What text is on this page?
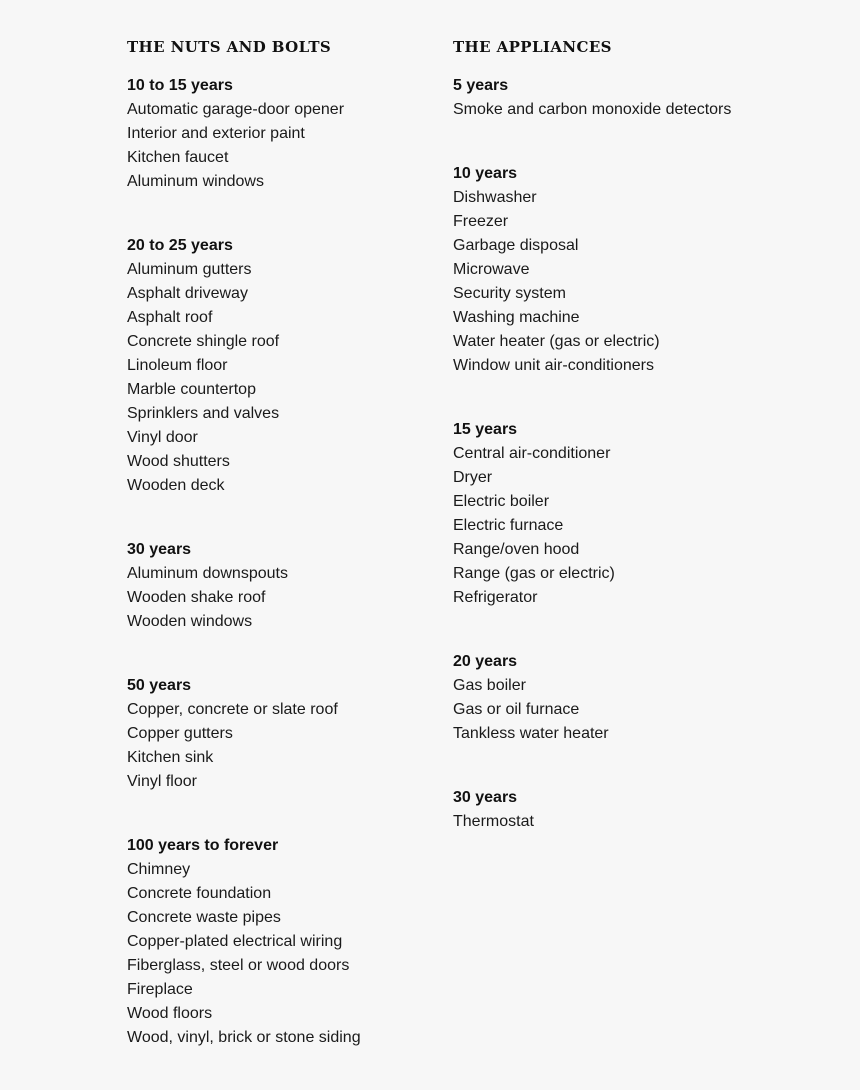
THE NUTS AND BOLTS
10 to 15 years
Automatic garage-door opener
Interior and exterior paint
Kitchen faucet
Aluminum windows
20 to 25 years
Aluminum gutters
Asphalt driveway
Asphalt roof
Concrete shingle roof
Linoleum floor
Marble countertop
Sprinklers and valves
Vinyl door
Wood shutters
Wooden deck
30 years
Aluminum downspouts
Wooden shake roof
Wooden windows
50 years
Copper, concrete or slate roof
Copper gutters
Kitchen sink
Vinyl floor
100 years to forever
Chimney
Concrete foundation
Concrete waste pipes
Copper-plated electrical wiring
Fiberglass, steel or wood doors
Fireplace
Wood floors
Wood, vinyl, brick or stone siding
THE APPLIANCES
5 years
Smoke and carbon monoxide detectors
10 years
Dishwasher
Freezer
Garbage disposal
Microwave
Security system
Washing machine
Water heater (gas or electric)
Window unit air-conditioners
15 years
Central air-conditioner
Dryer
Electric boiler
Electric furnace
Range/oven hood
Range (gas or electric)
Refrigerator
20 years
Gas boiler
Gas or oil furnace
Tankless water heater
30 years
Thermostat
